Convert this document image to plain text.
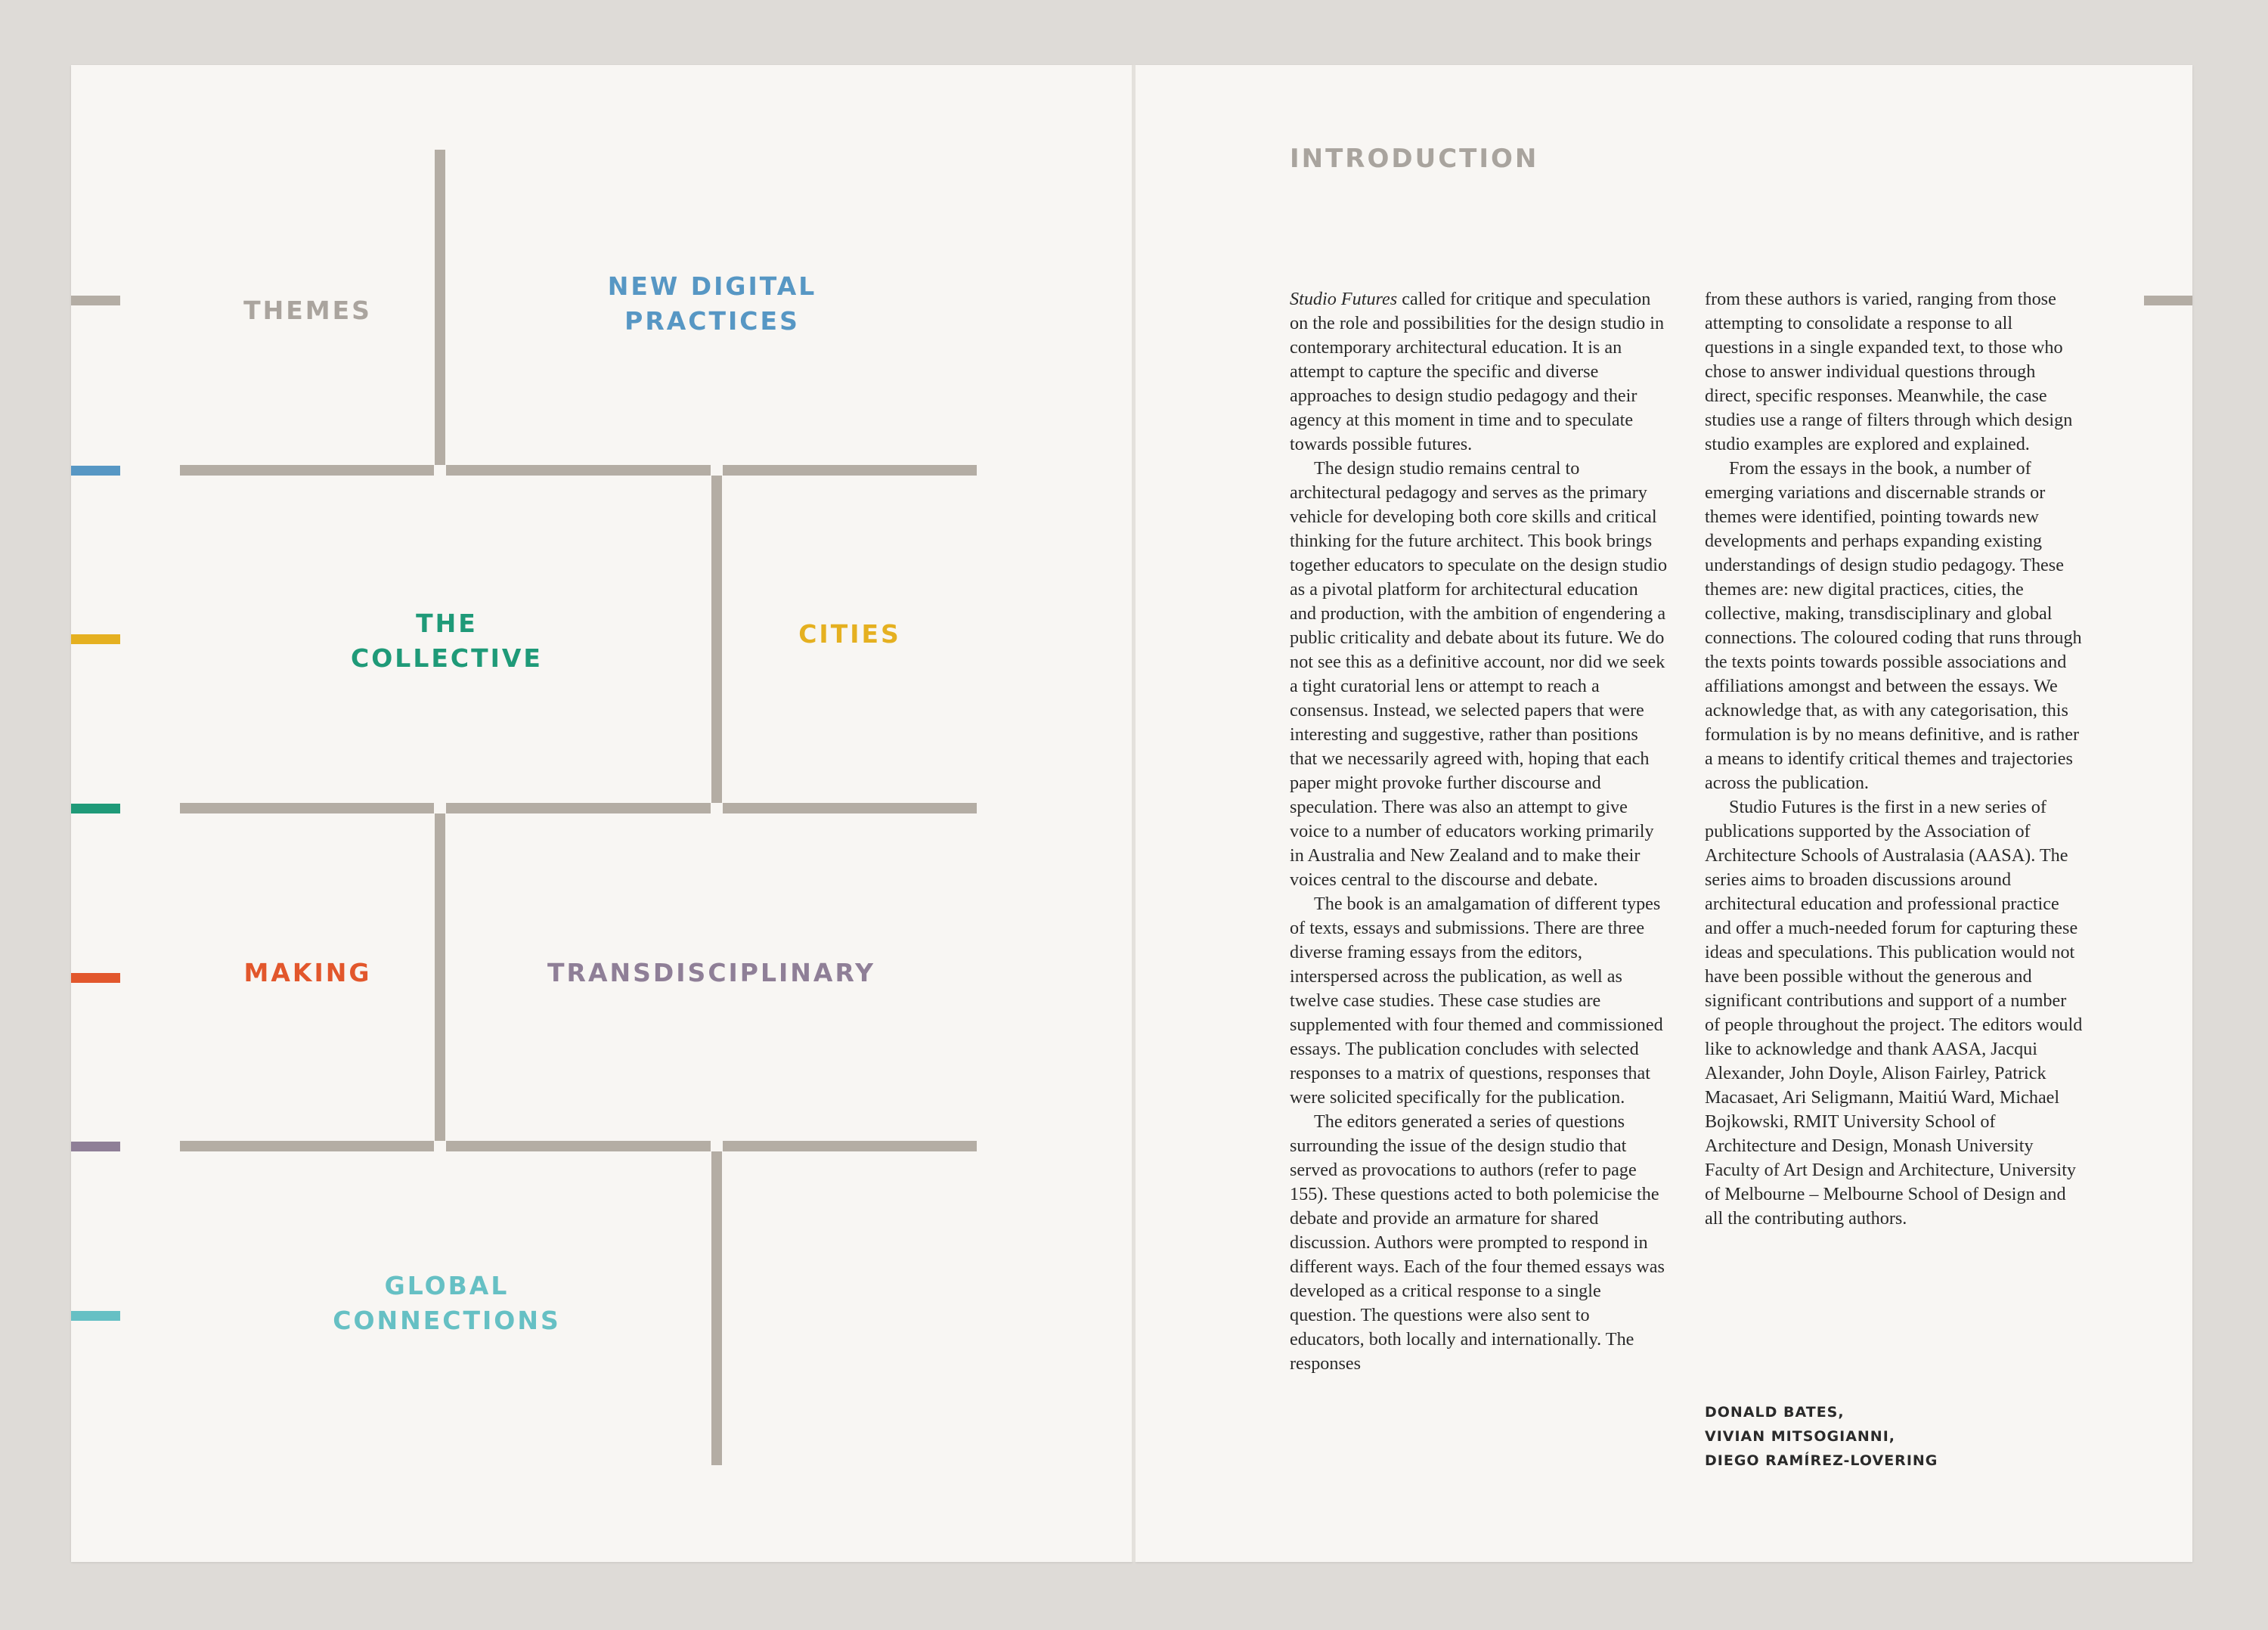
THEMES
NEW DIGITAL
PRACTICES
THE
COLLECTIVE
CITIES
MAKING	TRANSDISCIPLINARY
GLOBAL
CONNECTIONS
INTRODUCTION

Studio Futures called for critique and speculation on the role and possibilities for the design studio in contemporary architectural education. It is an attempt to capture the specific and diverse approaches to design studio pedagogy and their agency at this moment in time and to speculate towards possible futures.

The design studio remains central to architectural pedagogy and serves as the primary vehicle for developing both core skills and critical thinking for the future architect. This book brings together educators to speculate on the design studio as a pivotal platform for architectural education and production, with the ambition of engendering a public criticality and debate about its future. We do not see this as a definitive account, nor did we seek a tight curatorial lens or attempt to reach a consensus. Instead, we selected papers that were interesting and suggestive, rather than positions that we necessarily agreed with, hoping that each paper might provoke further discourse and speculation. There was also an attempt to give voice to a number of educators working primarily in Australia and New Zealand and to make their voices central to the discourse and debate.

The book is an amalgamation of different types of texts, essays and submissions. There are three diverse framing essays from the editors, interspersed across the publication, as well as twelve case studies. These case studies are supplemented with four themed and commissioned essays. The publication concludes with selected responses to a matrix of questions, responses that were solicited specifically for the publication.

The editors generated a series of questions surrounding the issue of the design studio that served as provocations to authors (refer to page 155). These questions acted to both polemicise the debate and provide an armature for shared discussion. Authors were prompted to respond in different ways. Each of the four themed essays was developed as a critical response to a single question. The questions were also sent to educators, both locally and internationally. The responses

from these authors is varied, ranging from those attempting to consolidate a response to all questions in a single expanded text, to those who chose to answer individual questions through direct, specific responses. Meanwhile, the case studies use a range of filters through which design studio examples are explored and explained.

From the essays in the book, a number of emerging variations and discernable strands or themes were identified, pointing towards new developments and perhaps expanding existing understandings of design studio pedagogy. These themes are: new digital practices, cities, the collective, making, transdisciplinary and global connections. The coloured coding that runs through the texts points towards possible associations and affiliations amongst and between the essays. We acknowledge that, as with any categorisation, this formulation is by no means definitive, and is rather a means to identify critical themes and trajectories across the publication.

Studio Futures is the first in a new series of publications supported by the Association of Architecture Schools of Australasia (AASA). The series aims to broaden discussions around architectural education and professional practice and offer a much-needed forum for capturing these ideas and speculations. This publication would not have been possible without the generous and significant contributions and support of a number of people throughout the project. The editors would like to acknowledge and thank AASA, Jacqui Alexander, John Doyle, Alison Fairley, Patrick Macasaet, Ari Seligmann, Maitiú Ward, Michael Bojkowski, RMIT University School of Architecture and Design, Monash University Faculty of Art Design and Architecture, University of Melbourne – Melbourne School of Design and all the contributing authors.

DONALD BATES,
VIVIAN MITSOGIANNI,
DIEGO RAMÍREZ-LOVERING
